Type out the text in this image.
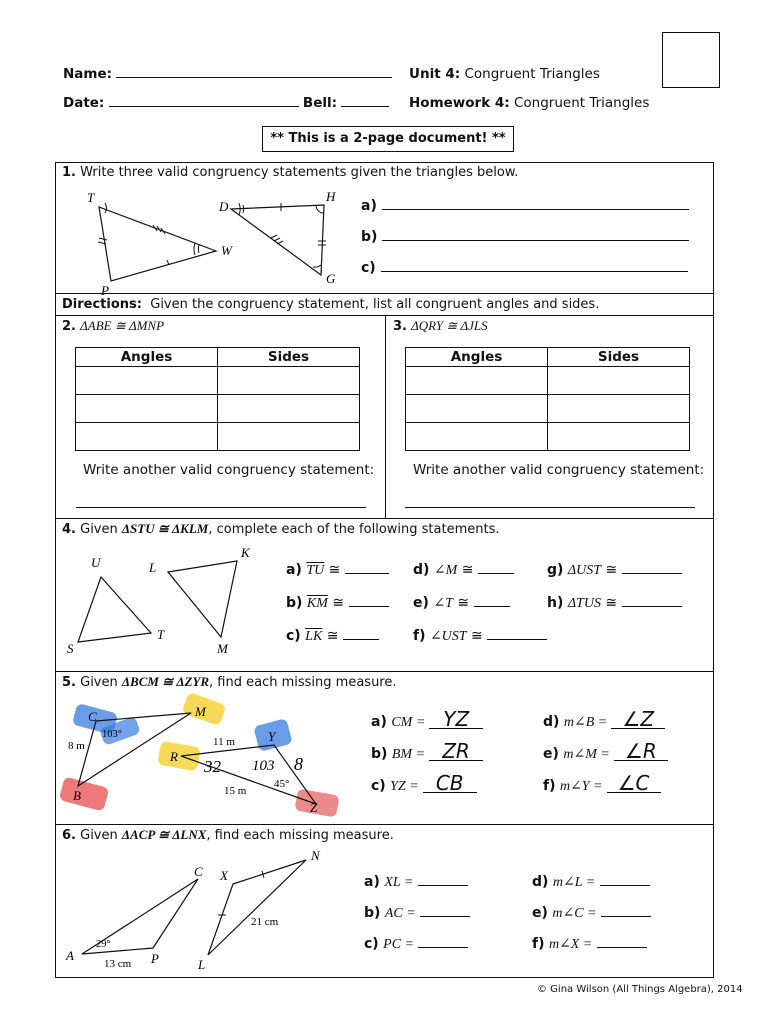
Name:
Date:	Bell:
Unit 4: Congruent Triangles
Homework 4: Congruent Triangles
** This is a 2-page document! **
1. Write three valid congruency statements given the triangles below.
T
W
P
D
H
G
a)
b)
c)
Directions: Given the congruency statement, list all congruent angles and sides.
2. ΔABE ≅ ΔMNP
Angles	Sides

Write another valid congruency statement:
3. ΔQRY ≅ ΔJLS
Angles	Sides

Write another valid congruency statement:
4. Given ΔSTU ≅ ΔKLM, complete each of the following statements.
U
S
T
L
K
M
a) $\overline{TU}$ ≅
b) $\overline{KM}$ ≅
c) $\overline{LK}$ ≅
d) ∠M ≅
e) ∠T ≅
f) ∠UST ≅
g) ΔUST ≅
h) ΔTUS ≅
5. Given ΔBCM ≅ ΔZYR, find each missing measure.
C	M
B
R
Y
Z
103°
8 m	11 m
15 m
45°
32 103 8
a) CM = YZ
b) BM = ZR
c) YZ = CB
d) m∠B = ∠Z
e) m∠M = ∠R
f) m∠Y = ∠C
6. Given ΔACP ≅ ΔLNX, find each missing measure.
C
A	P
X
N
L
29°
13 cm
21 cm
a) XL =
b) AC =
c) PC =
d) m∠L =
e) m∠C =
f) m∠X =
© Gina Wilson (All Things Algebra), 2014
